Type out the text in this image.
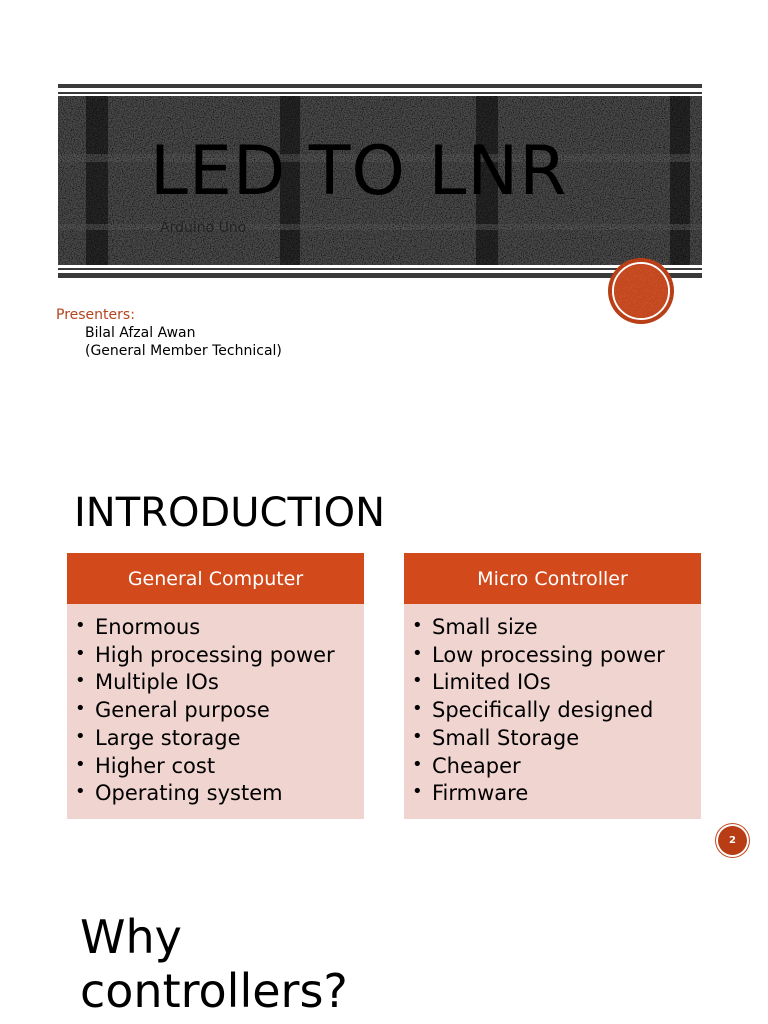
LED TO LNR
Arduino Uno
Presenters:
Bilal Afzal Awan
(General Member Technical)
INTRODUCTION
General Computer
• Enormous
• High processing power
• Multiple IOs
• General purpose
• Large storage
• Higher cost
• Operating system
Micro Controller
• Small size
• Low processing power
• Limited IOs
• Specifically designed
• Small Storage
• Cheaper
• Firmware
2
Why
controllers?
